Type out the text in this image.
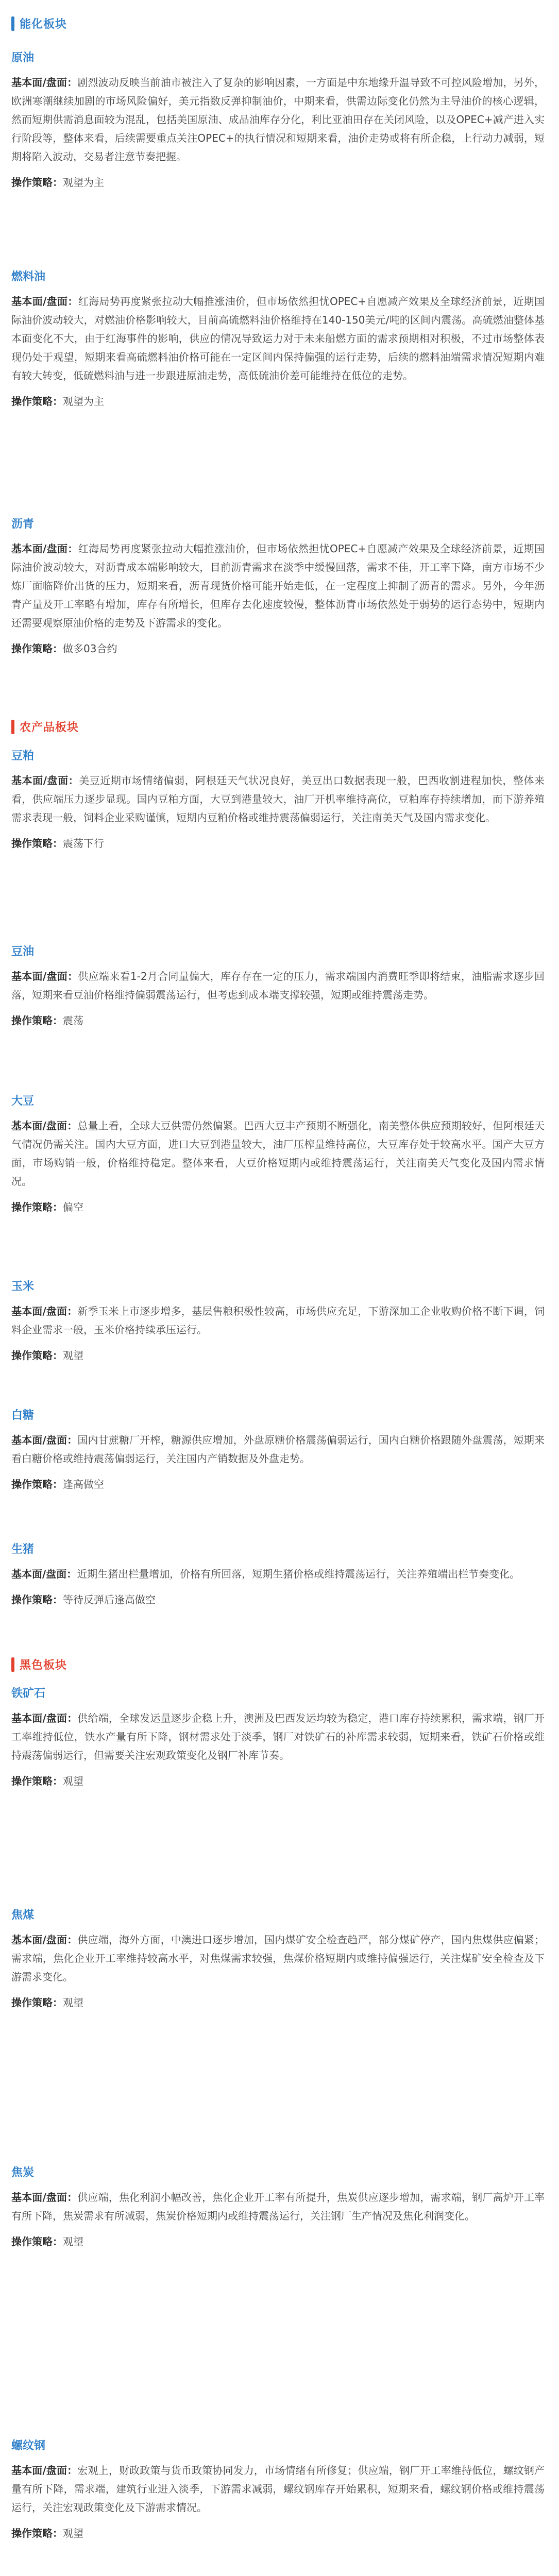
能化板块
原油
基本面/盘面：剧烈波动反映当前油市被注入了复杂的影响因素，一方面是中东地缘升温导致不可控风险增加，另外，欧洲寒潮继续加剧的市场风险偏好，美元指数反弹抑制油价，中期来看，供需边际变化仍然为主导油价的核心逻辑，然而短期供需消息面较为混乱，包括美国原油、成品油库存分化，利比亚油田存在关闭风险，以及OPEC+减产进入实行阶段等，整体来看，后续需要重点关注OPEC+的执行情况和短期来看，油价走势或将有所企稳，上行动力减弱，短期将陷入波动，交易者注意节奏把握。
操作策略：观望为主
燃料油
基本面/盘面：红海局势再度紧张拉动大幅推涨油价，但市场依然担忧OPEC+自愿减产效果及全球经济前景，近期国际油价波动较大，对燃油价格影响较大，目前高硫燃料油价格维持在140-150美元/吨的区间内震荡。高硫燃油整体基本面变化不大，由于红海事件的影响，供应的情况导致运力对于未来船燃方面的需求预期相对积极，不过市场整体表现仍处于观望，短期来看高硫燃料油价格可能在一定区间内保持偏强的运行走势，后续的燃料油端需求情况短期内难有较大转变，低硫燃料油与进一步跟进原油走势，高低硫油价差可能维持在低位的走势。
操作策略：观望为主
沥青
基本面/盘面：红海局势再度紧张拉动大幅推涨油价，但市场依然担忧OPEC+自愿减产效果及全球经济前景，近期国际油价波动较大，对沥青成本端影响较大，目前沥青需求在淡季中缓慢回落，需求不佳，开工率下降，南方市场不少炼厂面临降价出货的压力，短期来看，沥青现货价格可能开始走低，在一定程度上抑制了沥青的需求。另外，今年沥青产量及开工率略有增加，库存有所增长，但库存去化速度较慢，整体沥青市场依然处于弱势的运行态势中，短期内还需要观察原油价格的走势及下游需求的变化。
操作策略：做多03合约
农产品板块
豆粕
基本面/盘面：美豆近期市场情绪偏弱，阿根廷天气状况良好，美豆出口数据表现一般，巴西收割进程加快，整体来看，供应端压力逐步显现。国内豆粕方面，大豆到港量较大，油厂开机率维持高位，豆粕库存持续增加，而下游养殖需求表现一般，饲料企业采购谨慎，短期内豆粕价格或维持震荡偏弱运行，关注南美天气及国内需求变化。
操作策略：震荡下行
豆油
基本面/盘面：供应端来看1-2月合同量偏大，库存存在一定的压力，需求端国内消费旺季即将结束，油脂需求逐步回落，短期来看豆油价格维持偏弱震荡运行，但考虑到成本端支撑较强，短期或维持震荡走势。
操作策略：震荡
大豆
基本面/盘面：总量上看，全球大豆供需仍然偏紧。巴西大豆丰产预期不断强化，南美整体供应预期较好，但阿根廷天气情况仍需关注。国内大豆方面，进口大豆到港量较大，油厂压榨量维持高位，大豆库存处于较高水平。国产大豆方面，市场购销一般，价格维持稳定。整体来看，大豆价格短期内或维持震荡运行，关注南美天气变化及国内需求情况。
操作策略：偏空
玉米
基本面/盘面：新季玉米上市逐步增多，基层售粮积极性较高，市场供应充足，下游深加工企业收购价格不断下调，饲料企业需求一般，玉米价格持续承压运行。
操作策略：观望
白糖
基本面/盘面：国内甘蔗糖厂开榨，糖源供应增加，外盘原糖价格震荡偏弱运行，国内白糖价格跟随外盘震荡，短期来看白糖价格或维持震荡偏弱运行，关注国内产销数据及外盘走势。
操作策略：逢高做空
生猪
基本面/盘面：近期生猪出栏量增加，价格有所回落，短期生猪价格或维持震荡运行，关注养殖端出栏节奏变化。
操作策略：等待反弹后逢高做空
黑色板块
铁矿石
基本面/盘面：供给端，全球发运量逐步企稳上升，澳洲及巴西发运均较为稳定，港口库存持续累积，需求端，钢厂开工率维持低位，铁水产量有所下降，钢材需求处于淡季，钢厂对铁矿石的补库需求较弱，短期来看，铁矿石价格或维持震荡偏弱运行，但需要关注宏观政策变化及钢厂补库节奏。
操作策略：观望
焦煤
基本面/盘面：供应端，海外方面，中澳进口逐步增加，国内煤矿安全检查趋严，部分煤矿停产，国内焦煤供应偏紧；需求端，焦化企业开工率维持较高水平，对焦煤需求较强，焦煤价格短期内或维持偏强运行，关注煤矿安全检查及下游需求变化。
操作策略：观望
焦炭
基本面/盘面：供应端，焦化利润小幅改善，焦化企业开工率有所提升，焦炭供应逐步增加，需求端，钢厂高炉开工率有所下降，焦炭需求有所减弱，焦炭价格短期内或维持震荡运行，关注钢厂生产情况及焦化利润变化。
操作策略：观望
螺纹钢
基本面/盘面：宏观上，财政政策与货币政策协同发力，市场情绪有所修复；供应端，钢厂开工率维持低位，螺纹钢产量有所下降，需求端，建筑行业进入淡季，下游需求减弱，螺纹钢库存开始累积，短期来看，螺纹钢价格或维持震荡运行，关注宏观政策变化及下游需求情况。
操作策略：观望
